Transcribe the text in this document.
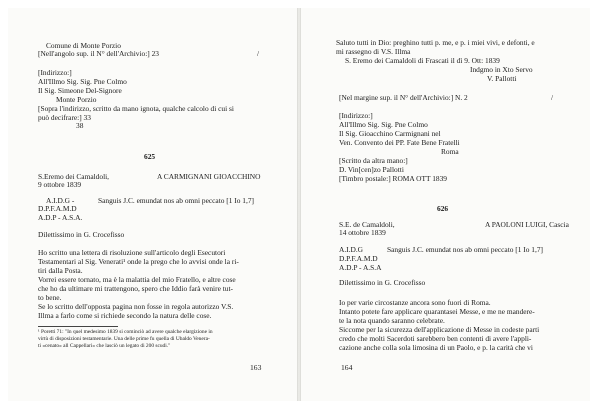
Comune di Monte Porzio
[Nell'angolo sup. il N° dell'Archivio:] 23	/
[Indirizzo:]
All'Illmo Sig. Sig. Pne Colmo
Il Sig. Simeone Del-Signore
Monte Porzio
[Sopra l'indirizzo, scritto da mano ignota, qualche calcolo di cui si
può decifrare:] 33
38
625
S.Eremo dei Camaldoli,
9 ottobre 1839
A CARMIGNANI GIOACCHINO
A.I.D.G -
D.P.F.A.M.D
A.D.P - A.S.A.
Sanguis J.C. emundat nos ab omni peccato [1 Io 1,7]
Dilettissimo in G. Crocefisso
Ho scritto una lettera di risoluzione sull'articolo degli Esecutori
Testamentari al Sig. Venerati¹ onde la prego che lo avvisi onde la ri-
tiri dalla Posta.
Vorrei essere tornato, ma è la malattia del mio Fratello, e altre cose
che ho da ultimare mi trattengono, spero che Iddio farà venire tut-
to bene.
Se lo scritto dell'opposta pagina non fosse in regola autorizzo V.S.
Illma a farlo come si richiede secondo la natura delle cose.
¹ Poretti 71: "In quel medesimo 1839 si cominciò ad avere qualche elargizione in
virtù di disposizioni testamentarie. Una delle prime fu quella di Ubaldo Venera-
ti «cenato» all Cappellari» che lasciò un legato di 200 scudi."
163
Saluto tutti in Dio: preghino tutti p. me, e p. i miei vivi, e defonti, e
mi rassegno di V.S. Illma
S. Eremo dei Camaldoli di Frascati il dì 9. Ott: 1839
Indgmo in Xto Servo
V. Pallotti
[Nel margine sup. il N° dell'Archivio:] N. 2	/
[Indirizzo:]
All'Illmo Sig. Sig. Pne Colmo
Il Sig. Gioacchino Carmignani nel
Ven. Convento dei PP. Fate Bene Fratelli
Roma
[Scritto da altra mano:]
D. Vin[cen]zo Pallotti
[Timbro postale:] ROMA OTT 1839
626
S.E. de Camaldoli,
14 ottobre 1839
A PAOLONI LUIGI, Cascia
A.I.D.G
D.P.F.A.M.D
A.D.P - A.S.A
Sanguis J.C. emundat nos ab omni peccato [1 Io 1,7]
Dilettissimo in G. Crocefisso
Io per varie circostanze ancora sono fuori di Roma.
Intanto potete fare applicare quarantasei Messe, e me ne mandere-
te la nota quando saranno celebrate.
Siccome per la sicurezza dell'applicazione di Messe in codeste parti
credo che molti Sacerdoti sarebbero ben contenti di avere l'appli-
cazione anche colla sola limosina di un Paolo, e p. la carità che vi
164
